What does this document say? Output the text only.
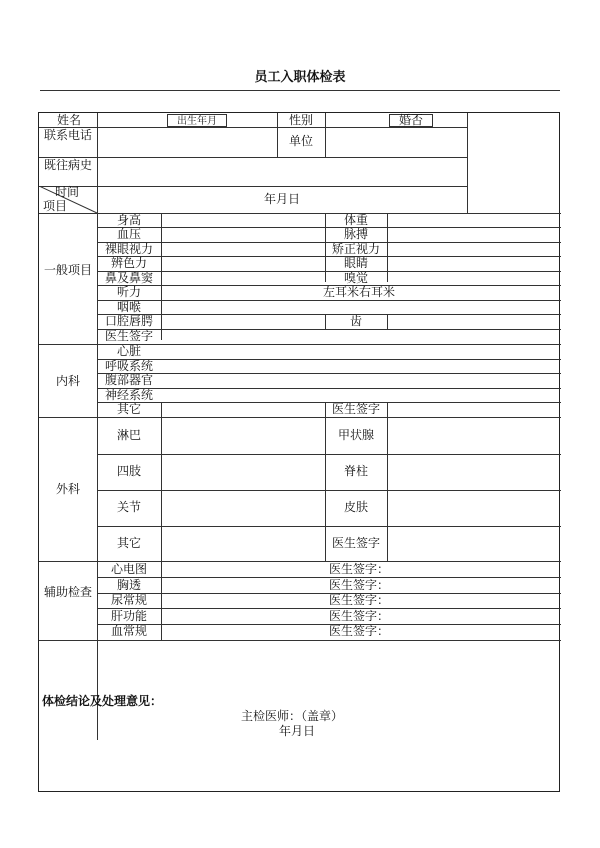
员工入职体检表
姓名	出生年月	性别	婚否
联系电话	单位
既往病史
时间
项目	年月日
一般项目
身高	体重
血压	脉搏
裸眼视力	矫正视力
辨色力	眼睛
鼻及鼻窦	嗅觉
听力	左耳米右耳米
咽喉
口腔唇腭	齿
医生签字
内科
心脏
呼吸系统
腹部器官
神经系统
其它	医生签字
外科
淋巴	甲状腺
四肢	脊柱
关节	皮肤
其它	医生签字
辅助检查
心电图	医生签字：
胸透	医生签字：
尿常规	医生签字：
肝功能	医生签字：
血常规	医生签字：
体检结论及处理意见：
主检医师：（盖章）
年月日
